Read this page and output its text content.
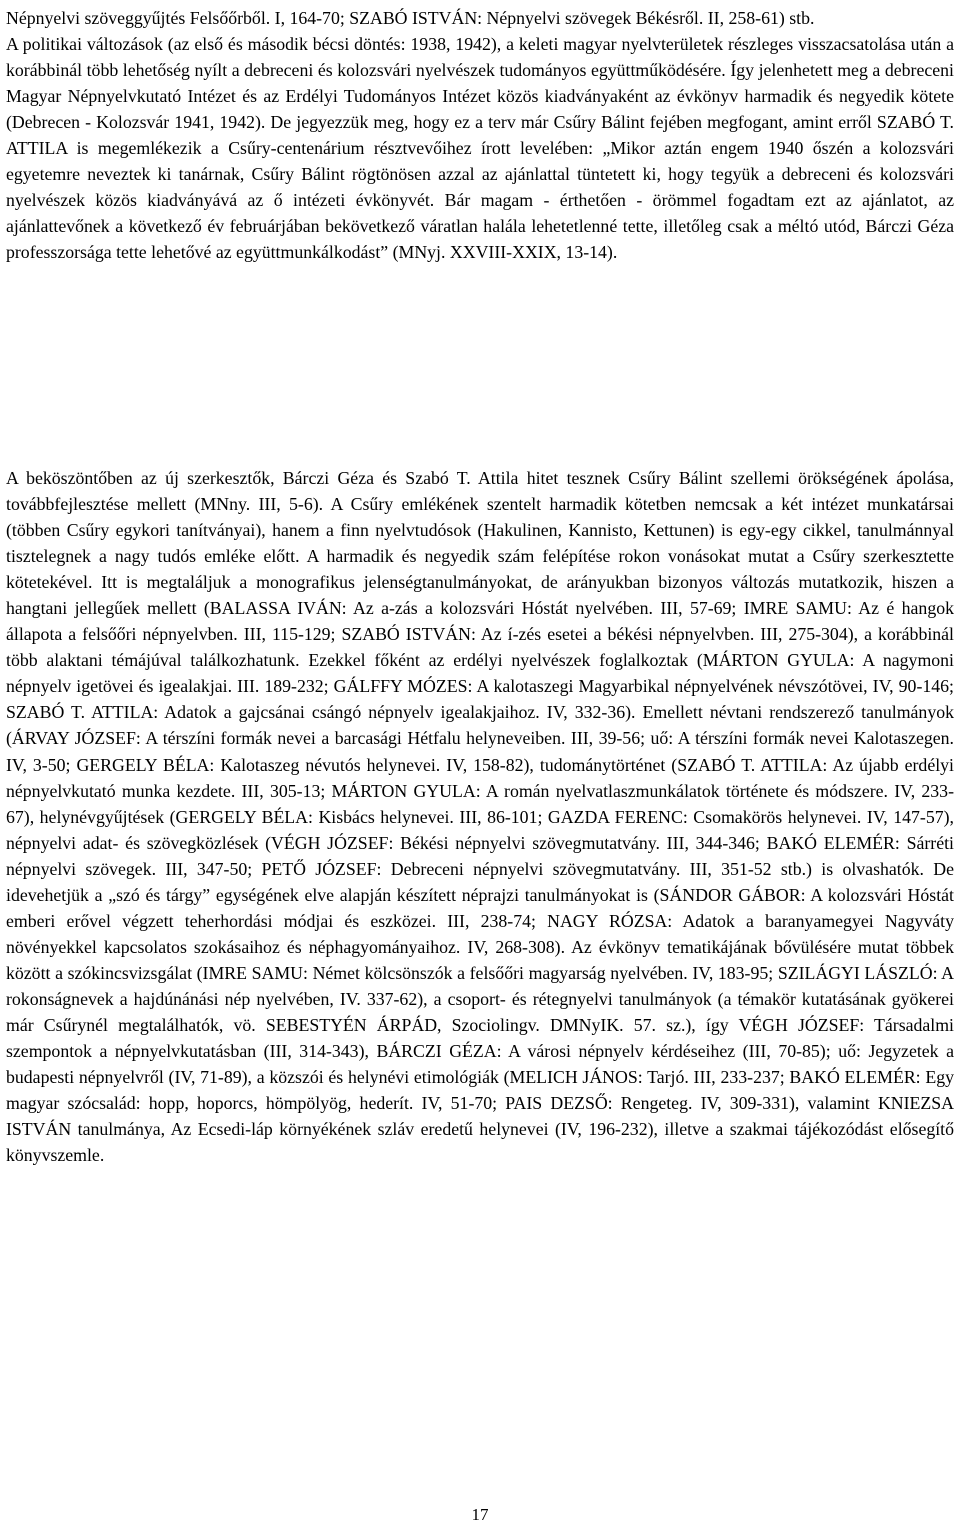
Népnyelvi szöveggyűjtés Felsőőrből. I, 164-70; SZABÓ ISTVÁN: Népnyelvi szövegek Békésről. II, 258-61) stb.

A politikai változások (az első és második bécsi döntés: 1938, 1942), a keleti magyar nyelvterületek részleges visszacsatolása után a korábbinál több lehetőség nyílt a debreceni és kolozsvári nyelvészek tudományos együttműködésére. Így jelenhetett meg a debreceni Magyar Népnyelvkutató Intézet és az Erdélyi Tudományos Intézet közös kiadványaként az évkönyv harmadik és negyedik kötete (Debrecen - Kolozsvár 1941, 1942). De jegyezzük meg, hogy ez a terv már Csűry Bálint fejében megfogant, amint erről SZABÓ T. ATTILA is megemlékezik a Csűry-centenárium résztvevőihez írott levelében: „Mikor aztán engem 1940 őszén a kolozsvári egyetemre neveztek ki tanárnak, Csűry Bálint rögtönösen azzal az ajánlattal tüntetett ki, hogy tegyük a debreceni és kolozsvári nyelvészek közös kiadványává az ő intézeti évkönyvét. Bár magam - érthetően - örömmel fogadtam ezt az ajánlatot, az ajánlattevőnek a következő év februárjában bekövetkező váratlan halála lehetetlenné tette, illetőleg csak a méltó utód, Bárczi Géza professzorsága tette lehetővé az együttmunkálkodást” (MNyj. XXVIII-XXIX, 13-14).

A beköszöntőben az új szerkesztők, Bárczi Géza és Szabó T. Attila hitet tesznek Csűry Bálint szellemi örökségének ápolása, továbbfejlesztése mellett (MNny. III, 5-6). A Csűry emlékének szentelt harmadik kötetben nemcsak a két intézet munkatársai (többen Csűry egykori tanítványai), hanem a finn nyelvtudósok (Hakulinen, Kannisto, Kettunen) is egy-egy cikkel, tanulmánnyal tisztelegnek a nagy tudós emléke előtt. A harmadik és negyedik szám felépítése rokon vonásokat mutat a Csűry szerkesztette kötetekével. Itt is megtaláljuk a monografikus jelenségtanulmányokat, de arányukban bizonyos változás mutatkozik, hiszen a hangtani jellegűek mellett (BALASSA IVÁN: Az a-zás a kolozsvári Hóstát nyelvében. III, 57-69; IMRE SAMU: Az é hangok állapota a felsőőri népnyelvben. III, 115-129; SZABÓ ISTVÁN: Az í-zés esetei a békési népnyelvben. III, 275-304), a korábbinál több alaktani témájúval találkozhatunk. Ezekkel főként az erdélyi nyelvészek foglalkoztak (MÁRTON GYULA: A nagymoni népnyelv igetövei és igealakjai. III. 189-232; GÁLFFY MÓZES: A kalotaszegi Magyarbikal népnyelvének névszótövei, IV, 90-146; SZABÓ T. ATTILA: Adatok a gajcsánai csángó népnyelv igealakjaihoz. IV, 332-36). Emellett névtani rendszerező tanulmányok (ÁRVAY JÓZSEF: A térszíni formák nevei a barcasági Hétfalu helyneveiben. III, 39-56; uő: A térszíni formák nevei Kalotaszegen. IV, 3-50; GERGELY BÉLA: Kalotaszeg névutós helynevei. IV, 158-82), tudománytörténet (SZABÓ T. ATTILA: Az újabb erdélyi népnyelvkutató munka kezdete. III, 305-13; MÁRTON GYULA: A román nyelvatlaszmunkálatok története és módszere. IV, 233-67), helynévgyűjtések (GERGELY BÉLA: Kisbács helynevei. III, 86-101; GAZDA FERENC: Csomakörös helynevei. IV, 147-57), népnyelvi adat- és szövegközlések (VÉGH JÓZSEF: Békési népnyelvi szövegmutatvány. III, 344-346; BAKÓ ELEMÉR: Sárréti népnyelvi szövegek. III, 347-50; PETŐ JÓZSEF: Debreceni népnyelvi szövegmutatvány. III, 351-52 stb.) is olvashatók. De idevehetjük a „szó és tárgy” egységének elve alapján készített néprajzi tanulmányokat is (SÁNDOR GÁBOR: A kolozsvári Hóstát emberi erővel végzett teherhordási módjai és eszközei. III, 238-74; NAGY RÓZSA: Adatok a baranyamegyei Nagyváty növényekkel kapcsolatos szokásaihoz és néphagyományaihoz. IV, 268-308). Az évkönyv tematikájának bővülésére mutat többek között a szókincsvizsgálat (IMRE SAMU: Német kölcsönszók a felsőőri magyarság nyelvében. IV, 183-95; SZILÁGYI LÁSZLÓ: A rokonságnevek a hajdúnánási nép nyelvében, IV. 337-62), a csoport- és rétegnyelvi tanulmányok (a témakör kutatásának gyökerei már Csűrynél megtalálhatók, vö. SEBESTYÉN ÁRPÁD, Szociolingv. DMNyIK. 57. sz.), így VÉGH JÓZSEF: Társadalmi szempontok a népnyelvkutatásban (III, 314-343), BÁRCZI GÉZA: A városi népnyelv kérdéseihez (III, 70-85); uő: Jegyzetek a budapesti népnyelvről (IV, 71-89), a közszói és helynévi etimológiák (MELICH JÁNOS: Tarjó. III, 233-237; BAKÓ ELEMÉR: Egy magyar szócsalád: hopp, hoporcs, hömpölyög, hederít. IV, 51-70; PAIS DEZSŐ: Rengeteg. IV, 309-331), valamint KNIEZSA ISTVÁN tanulmánya, Az Ecsedi-láp környékének szláv eredetű helynevei (IV, 196-232), illetve a szakmai tájékozódást elősegítő könyvszemle.

17
